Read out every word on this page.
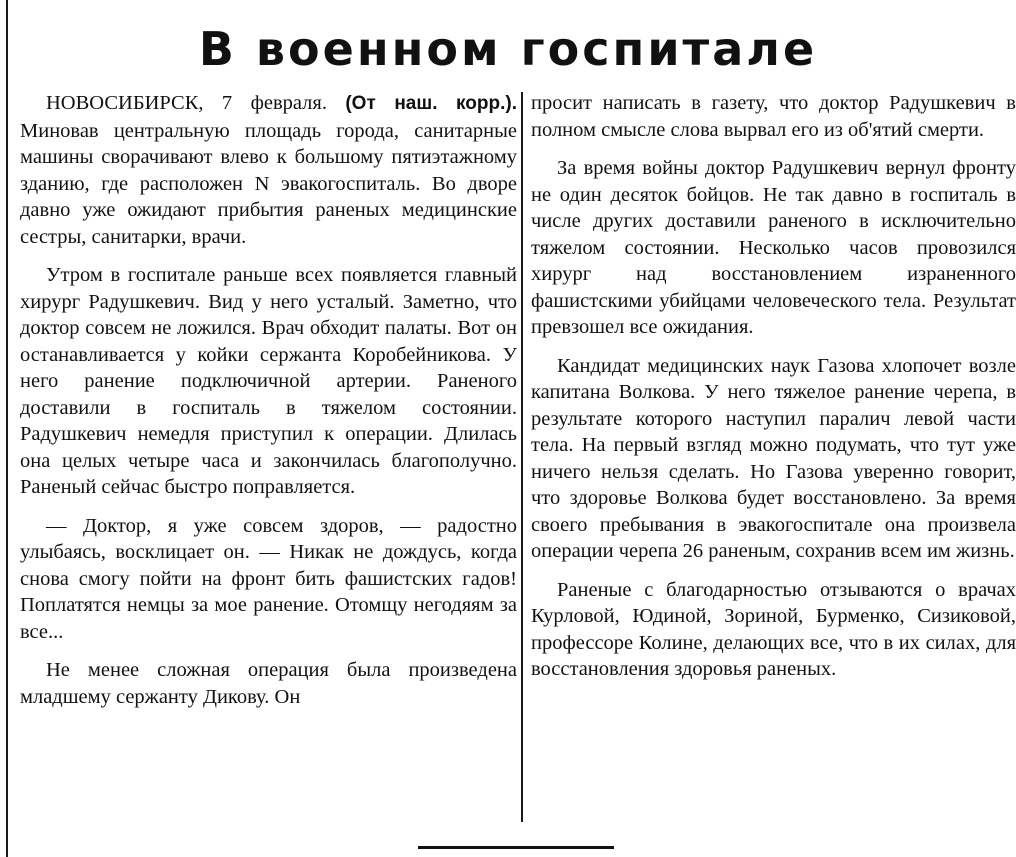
В военном госпитале

НОВОСИБИРСК, 7 февраля. (От наш. корр.). Миновав центральную площадь города, санитарные машины сворачивают влево к большому пятиэтажному зданию, где расположен N эвакогоспиталь. Во дворе давно уже ожидают прибытия раненых медицинские сестры, санитарки, врачи.

Утром в госпитале раньше всех появляется главный хирург Радушкевич. Вид у него усталый. Заметно, что доктор совсем не ложился. Врач обходит палаты. Вот он останавливается у койки сержанта Коробейникова. У него ранение подключичной артерии. Раненого доставили в госпиталь в тяжелом состоянии. Радушкевич немедля приступил к операции. Длилась она целых четыре часа и закончилась благополучно. Раненый сейчас быстро поправляется.

— Доктор, я уже совсем здоров, — радостно улыбаясь, восклицает он. — Никак не дождусь, когда снова смогу пойти на фронт бить фашистских гадов! Поплатятся немцы за мое ранение. Отомщу негодяям за все...

Не менее сложная операция была произведена младшему сержанту Дикову. Он

просит написать в газету, что доктор Радушкевич в полном смысле слова вырвал его из об'ятий смерти.

За время войны доктор Радушкевич вернул фронту не один десяток бойцов. Не так давно в госпиталь в числе других доставили раненого в исключительно тяжелом состоянии. Несколько часов провозился хирург над восстановлением израненного фашистскими убийцами человеческого тела. Результат превзошел все ожидания.

Кандидат медицинских наук Газова хлопочет возле капитана Волкова. У него тяжелое ранение черепа, в результате которого наступил паралич левой части тела. На первый взгляд можно подумать, что тут уже ничего нельзя сделать. Но Газова уверенно говорит, что здоровье Волкова будет восстановлено. За время своего пребывания в эвакогоспитале она произвела операции черепа 26 раненым, сохранив всем им жизнь.

Раненые с благодарностью отзываются о врачах Курловой, Юдиной, Зориной, Бурменко, Сизиковой, профессоре Колине, делающих все, что в их силах, для восстановления здоровья раненых.
